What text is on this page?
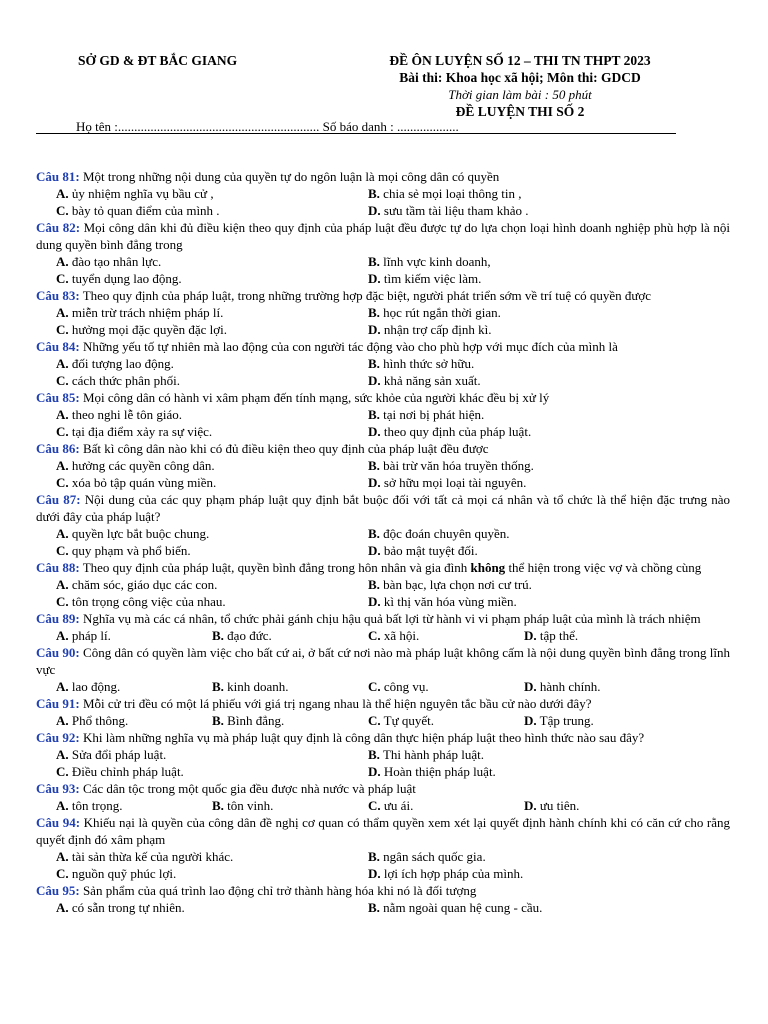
SỞ GD & ĐT BẮC GIANG	ĐỀ ÔN LUYỆN SỐ 12 – THI TN THPT 2023
Bài thi: Khoa học xã hội; Môn thi: GDCD
Thời gian làm bài : 50 phút
ĐỀ LUYỆN THI SỐ 2
Họ tên :.............................................................. Số báo danh : ...................
Câu 81: Một trong những nội dung của quyền tự do ngôn luận là mọi công dân có quyền
A. ủy nhiệm nghĩa vụ bầu cử ,	B. chia sẻ mọi loại thông tin ,
C. bày tỏ quan điểm của mình .	D. sưu tầm tài liệu tham khảo .
Câu 82: Mọi công dân khi đủ điều kiện theo quy định của pháp luật đều được tự do lựa chọn loại hình doanh nghiệp phù hợp là nội dung quyền bình đẳng trong
A. đào tạo nhân lực.	B. lĩnh vực kinh doanh,
C. tuyển dụng lao động.	D. tìm kiếm việc làm.
Câu 83: Theo quy định của pháp luật, trong những trường hợp đặc biệt, người phát triển sớm về trí tuệ có quyền được
A. miễn trừ trách nhiệm pháp lí.	B. học rút ngắn thời gian.
C. hưởng mọi đặc quyền đặc lợi.	D. nhận trợ cấp định kì.
Câu 84: Những yếu tố tự nhiên mà lao động của con người tác động vào cho phù hợp với mục đích của mình là
A. đối tượng lao động.	B. hình thức sở hữu.
C. cách thức phân phối.	D. khả năng sản xuất.
Câu 85: Mọi công dân có hành vi xâm phạm đến tính mạng, sức khỏe của người khác đều bị xử lý
A. theo nghi lễ tôn giáo.	B. tại nơi bị phát hiện.
C. tại địa điểm xảy ra sự việc.	D. theo quy định của pháp luật.
Câu 86: Bất kì công dân nào khi có đủ điều kiện theo quy định của pháp luật đều được
A. hưởng các quyền công dân.	B. bài trừ văn hóa truyền thống.
C. xóa bỏ tập quán vùng miền.	D. sở hữu mọi loại tài nguyên.
Câu 87: Nội dung của các quy phạm pháp luật quy định bắt buộc đối với tất cả mọi cá nhân và tổ chức là thể hiện đặc trưng nào dưới đây của pháp luật?
A. quyền lực bắt buộc chung.	B. độc đoán chuyên quyền.
C. quy phạm và phổ biến.	D. bảo mật tuyệt đối.
Câu 88: Theo quy định của pháp luật, quyền bình đẳng trong hôn nhân và gia đình không thể hiện trong việc vợ và chồng cùng
A. chăm sóc, giáo dục các con.	B. bàn bạc, lựa chọn nơi cư trú.
C. tôn trọng công việc của nhau.	D. kì thị văn hóa vùng miền.
Câu 89: Nghĩa vụ mà các cá nhân, tổ chức phải gánh chịu hậu quả bất lợi từ hành vi vi phạm pháp luật của mình là trách nhiệm
A. pháp lí.	B. đạo đức.	C. xã hội.	D. tập thể.
Câu 90: Công dân có quyền làm việc cho bất cứ ai, ở bất cứ nơi nào mà pháp luật không cấm là nội dung quyền bình đẳng trong lĩnh vực
A. lao động.	B. kinh doanh.	C. công vụ.	D. hành chính.
Câu 91: Mỗi cử tri đều có một lá phiếu với giá trị ngang nhau là thể hiện nguyên tắc bầu cử nào dưới đây?
A. Phổ thông.	B. Bình đẳng.	C. Tự quyết.	D. Tập trung.
Câu 92: Khi làm những nghĩa vụ mà pháp luật quy định là công dân thực hiện pháp luật theo hình thức nào sau đây?
A. Sửa đổi pháp luật.	B. Thi hành pháp luật.
C. Điều chỉnh pháp luật.	D. Hoàn thiện pháp luật.
Câu 93: Các dân tộc trong một quốc gia đều được nhà nước và pháp luật
A. tôn trọng.	B. tôn vinh.	C. ưu ái.	D. ưu tiên.
Câu 94: Khiếu nại là quyền của công dân đề nghị cơ quan có thẩm quyền xem xét lại quyết định hành chính khi có căn cứ cho rằng quyết định đó xâm phạm
A. tài sản thừa kế của người khác.	B. ngân sách quốc gia.
C. nguồn quỹ phúc lợi.	D. lợi ích hợp pháp của mình.
Câu 95: Sản phẩm của quá trình lao động chỉ trở thành hàng hóa khi nó là đối tượng
A. có sẵn trong tự nhiên.	B. nằm ngoài quan hệ cung - cầu.
